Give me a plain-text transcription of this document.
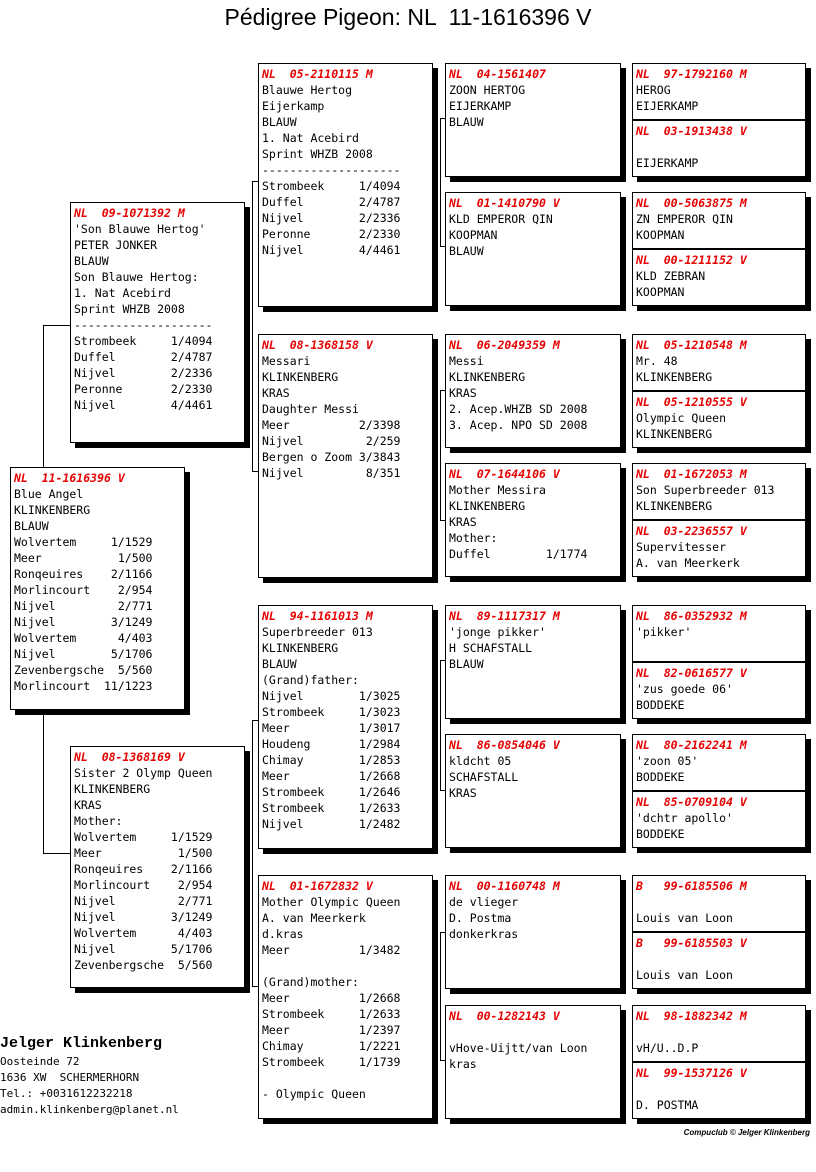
Pédigree Pigeon: NL  11-1616396 V
NL  11-1616396 V
Blue Angel
KLINKENBERG
BLAUW
Wolvertem     1/1529
Meer           1/500
Ronqeuires    2/1166
Morlincourt    2/954
Nijvel         2/771
Nijvel        3/1249
Wolvertem      4/403
Nijvel        5/1706
Zevenbergsche  5/560
Morlincourt  11/1223
NL  09-1071392 M
'Son Blauwe Hertog'
PETER JONKER
BLAUW
Son Blauwe Hertog:
1. Nat Acebird
Sprint WHZB 2008
--------------------
Strombeek     1/4094
Duffel        2/4787
Nijvel        2/2336
Peronne       2/2330
Nijvel        4/4461
NL  08-1368169 V
Sister 2 Olymp Queen
KLINKENBERG
KRAS
Mother:
Wolvertem     1/1529
Meer           1/500
Ronqeuires    2/1166
Morlincourt    2/954
Nijvel         2/771
Nijvel        3/1249
Wolvertem      4/403
Nijvel        5/1706
Zevenbergsche  5/560
NL  05-2110115 M
Blauwe Hertog
Eijerkamp
BLAUW
1. Nat Acebird
Sprint WHZB 2008
--------------------
Strombeek     1/4094
Duffel        2/4787
Nijvel        2/2336
Peronne       2/2330
Nijvel        4/4461
NL  08-1368158 V
Messari
KLINKENBERG
KRAS
Daughter Messi
Meer          2/3398
Nijvel         2/259
Bergen o Zoom 3/3843
Nijvel         8/351
NL  94-1161013 M
Superbreeder 013
KLINKENBERG
BLAUW
(Grand)father:
Nijvel        1/3025
Strombeek     1/3023
Meer          1/3017
Houdeng       1/2984
Chimay        1/2853
Meer          1/2668
Strombeek     1/2646
Strombeek     1/2633
Nijvel        1/2482
NL  01-1672832 V
Mother Olympic Queen
A. van Meerkerk
d.kras
Meer          1/3482

(Grand)mother:
Meer          1/2668
Strombeek     1/2633
Meer          1/2397
Chimay        1/2221
Strombeek     1/1739

- Olympic Queen
NL  04-1561407
ZOON HERTOG
EIJERKAMP
BLAUW
NL  01-1410790 V
KLD EMPEROR QIN
KOOPMAN
BLAUW
NL  06-2049359 M
Messi
KLINKENBERG
KRAS
2. Acep.WHZB SD 2008
3. Acep. NPO SD 2008
NL  07-1644106 V
Mother Messira
KLINKENBERG
KRAS
Mother:
Duffel        1/1774
NL  89-1117317 M
'jonge pikker'
H SCHAFSTALL
BLAUW
NL  86-0854046 V
kldcht 05
SCHAFSTALL
KRAS
NL  00-1160748 M
de vlieger
D. Postma
donkerkras
NL  00-1282143 V

vHove-Uijtt/van Loon
kras
NL  97-1792160 M
HEROG
EIJERKAMP
NL  03-1913438 V

EIJERKAMP
NL  00-5063875 M
ZN EMPEROR QIN
KOOPMAN
NL  00-1211152 V
KLD ZEBRAN
KOOPMAN
NL  05-1210548 M
Mr. 48
KLINKENBERG
NL  05-1210555 V
Olympic Queen
KLINKENBERG
NL  01-1672053 M
Son Superbreeder 013
KLINKENBERG
NL  03-2236557 V
Supervitesser
A. van Meerkerk
NL  86-0352932 M
'pikker'
NL  82-0616577 V
'zus goede 06'
BODDEKE
NL  80-2162241 M
'zoon 05'
BODDEKE
NL  85-0709104 V
'dchtr apollo'
BODDEKE
B   99-6185506 M

Louis van Loon
B   99-6185503 V

Louis van Loon
NL  98-1882342 M

vH/U..D.P
NL  99-1537126 V

D. POSTMA
Jelger Klinkenberg
Oosteinde 72
1636 XW  SCHERMERHORN
Tel.: +0031612232218
admin.klinkenberg@planet.nl
Compuclub © Jelger Klinkenberg
